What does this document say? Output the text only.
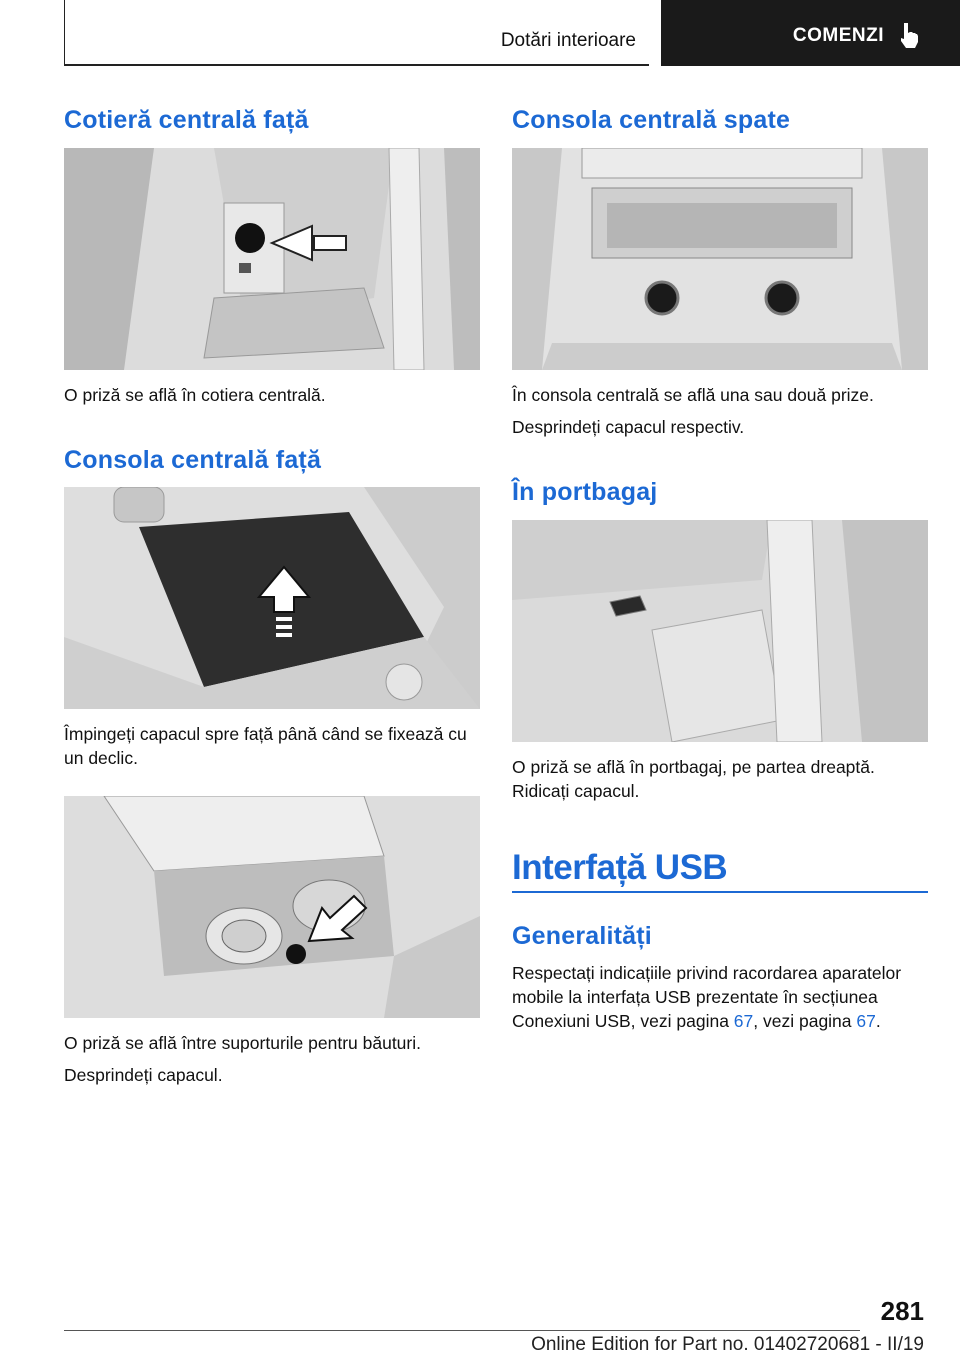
Dotări interioare	COMENZI
Cotieră centrală față

O priză se află în cotiera centrală.

Consola centrală față

Împingeți capacul spre față până când se fixează cu un declic.

O priză se află între suporturile pentru băuturi.

Desprindeți capacul.

Consola centrală spate

În consola centrală se află una sau două prize.

Desprindeți capacul respectiv.

În portbagaj

O priză se află în portbagaj, pe partea dreaptă. Ridicați capacul.

Interfață USB
Generalități

Respectați indicațiile privind racordarea aparatelor mobile la interfața USB prezentate în secțiunea Conexiuni USB, vezi pagina 67, vezi pagina 67.

281
Online Edition for Part no. 01402720681 - II/19
